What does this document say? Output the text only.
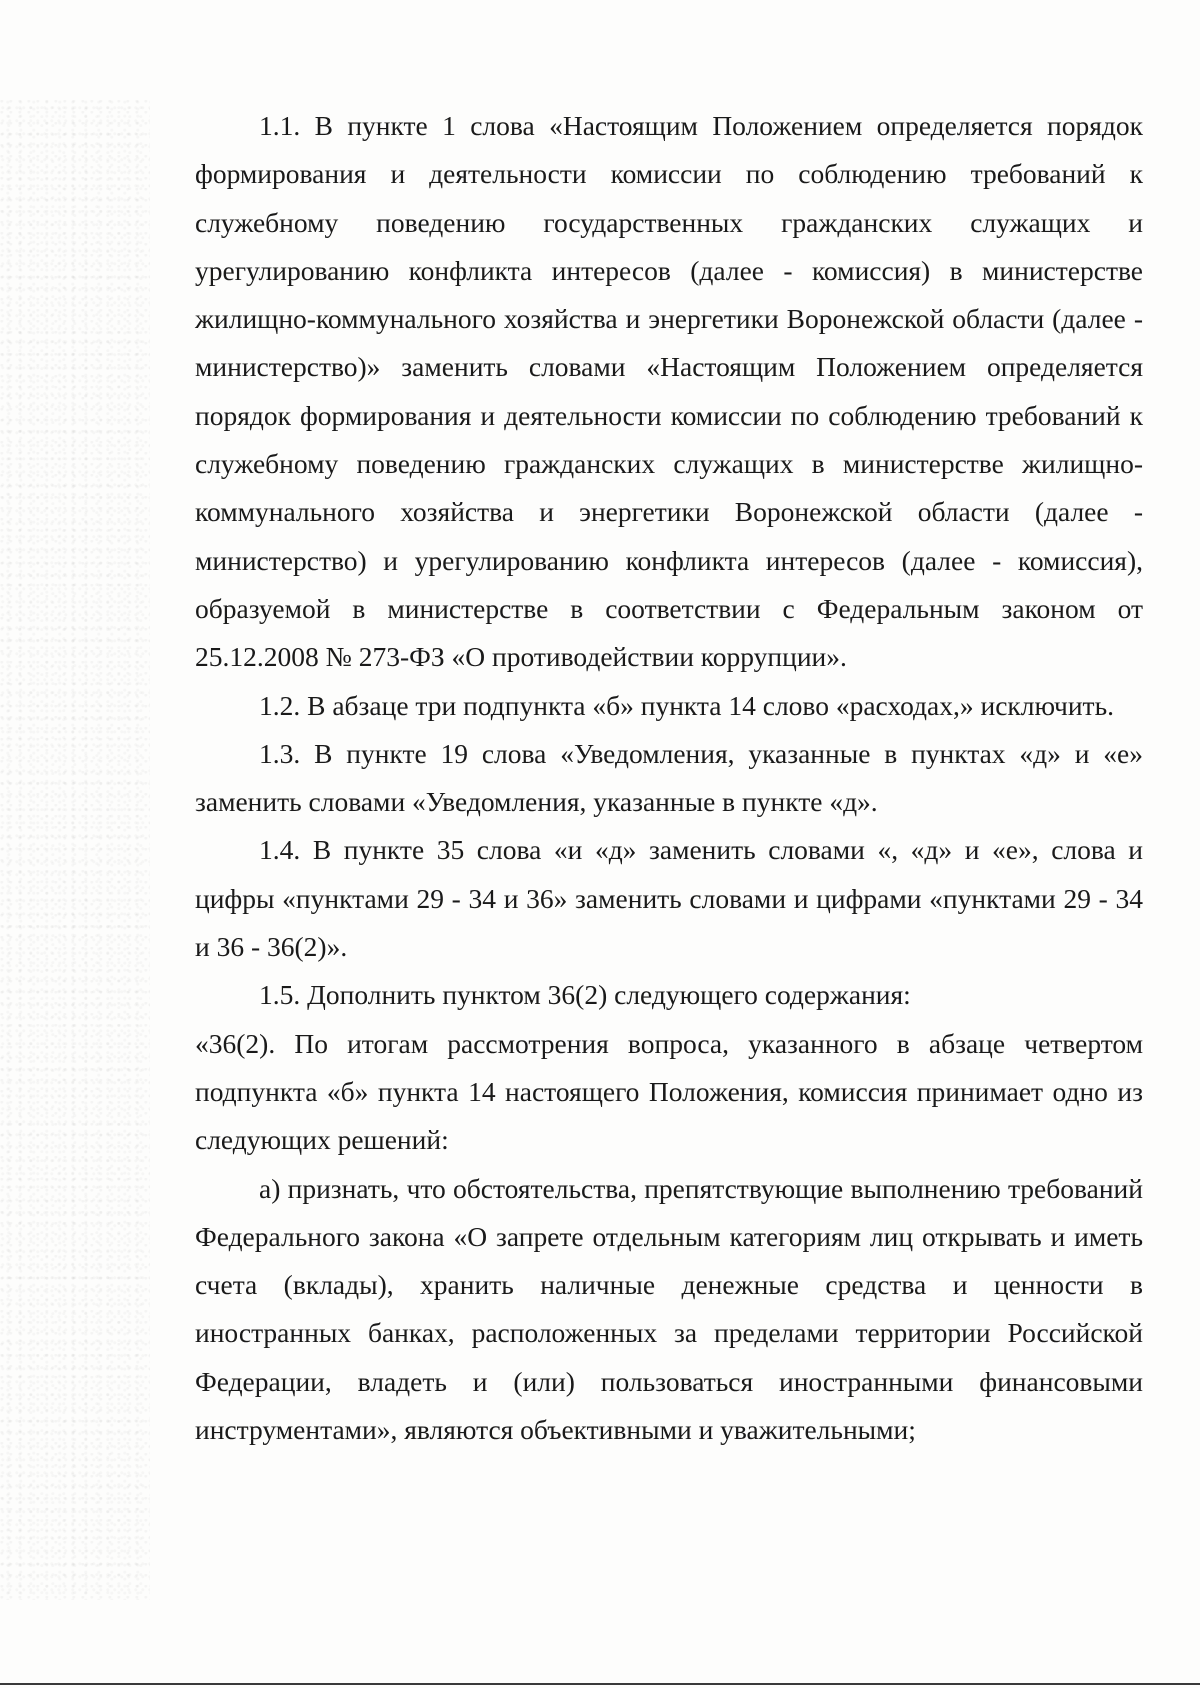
1.1. В пункте 1 слова «Настоящим Положением определяется порядок формирования и деятельности комиссии по соблюдению требований к служебному поведению государственных гражданских служащих и урегулированию конфликта интересов (далее - комиссия) в министерстве жилищно-коммунального хозяйства и энергетики Воронежской области (далее - министерство)» заменить словами «Настоящим Положением определяется порядок формирования и деятельности комиссии по соблюдению требований к служебному поведению гражданских служащих в министерстве жилищно-коммунального хозяйства и энергетики Воронежской области (далее - министерство) и урегулированию конфликта интересов (далее - комиссия), образуемой в министерстве в соответствии с Федеральным законом от 25.12.2008 № 273-ФЗ «О противодействии коррупции».

1.2. В абзаце три подпункта «б» пункта 14 слово «расходах,» исключить.

1.3. В пункте 19 слова «Уведомления, указанные в пунктах «д» и «е» заменить словами «Уведомления, указанные в пункте «д».

1.4. В пункте 35 слова «и «д» заменить словами «, «д» и «е», слова и цифры «пунктами 29 - 34 и 36» заменить словами и цифрами «пунктами 29 - 34 и 36 - 36(2)».

1.5. Дополнить пунктом 36(2) следующего содержания:

«36(2). По итогам рассмотрения вопроса, указанного в абзаце четвертом подпункта «б» пункта 14 настоящего Положения, комиссия принимает одно из следующих решений:

а) признать, что обстоятельства, препятствующие выполнению требований Федерального закона «О запрете отдельным категориям лиц открывать и иметь счета (вклады), хранить наличные денежные средства и ценности в иностранных банках, расположенных за пределами территории Российской Федерации, владеть и (или) пользоваться иностранными финансовыми инструментами», являются объективными и уважительными;
